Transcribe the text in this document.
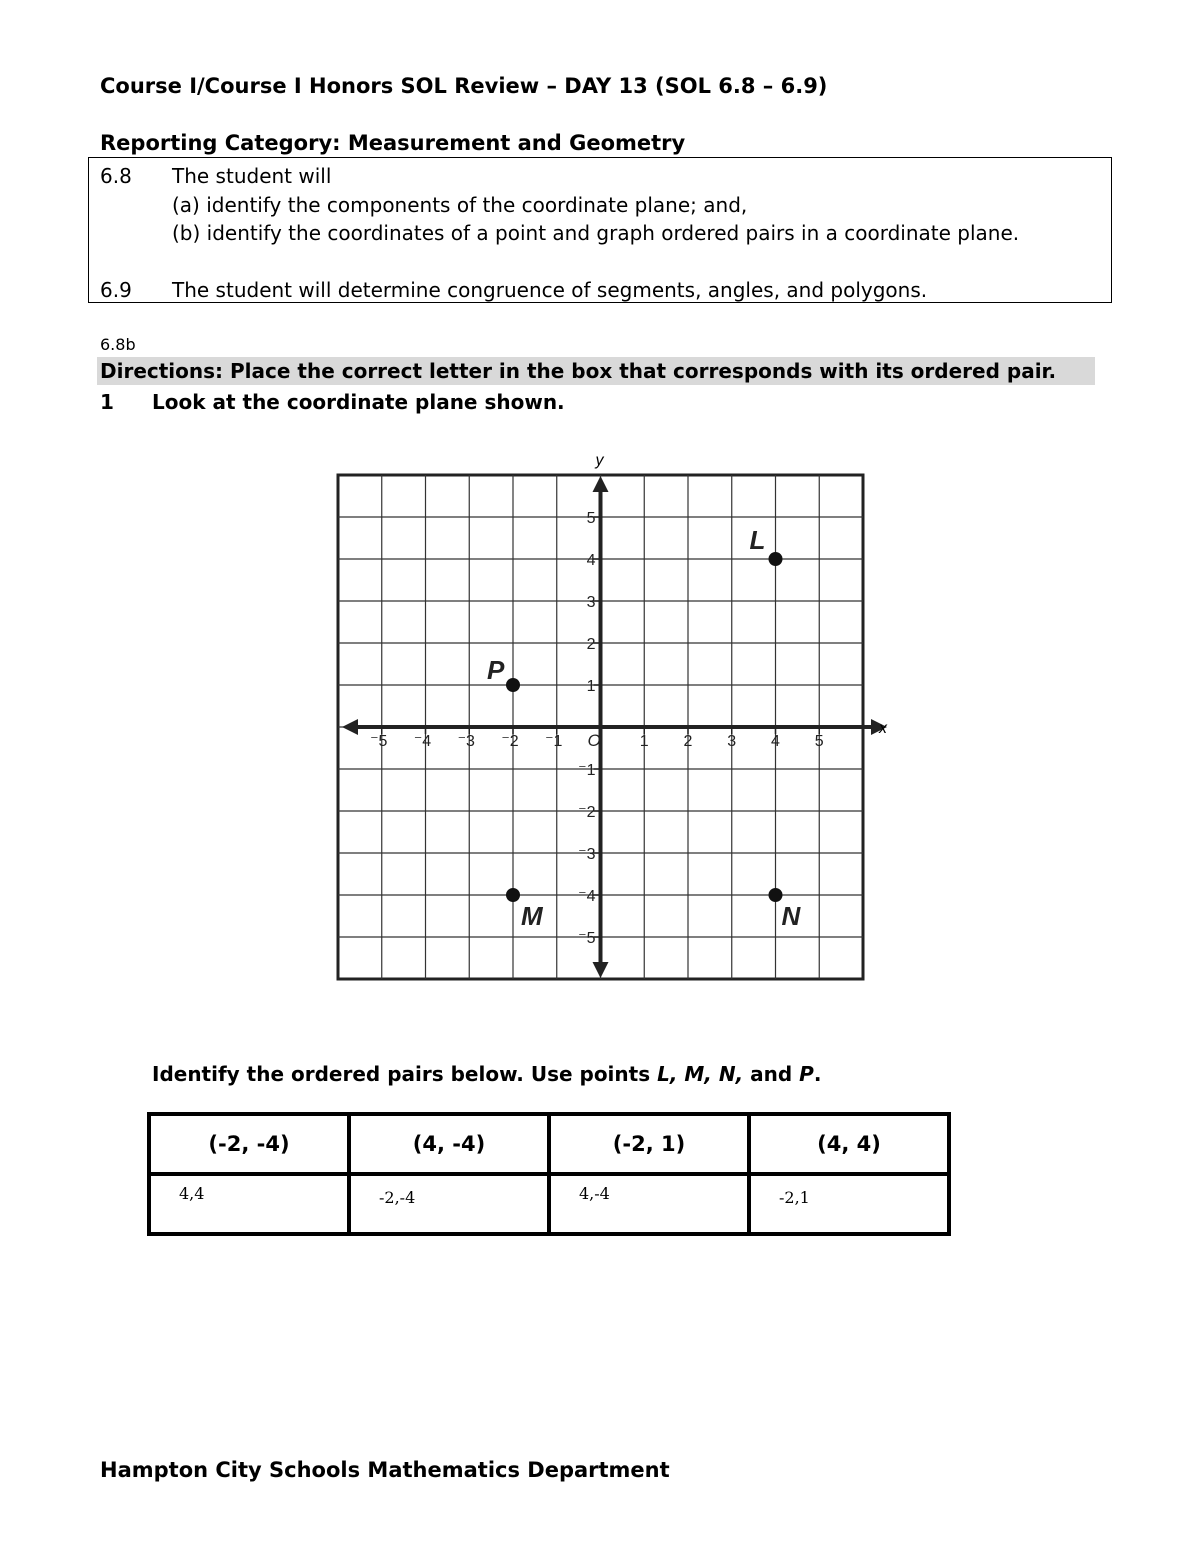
Course I/Course I Honors SOL Review – DAY 13 (SOL 6.8 – 6.9)
Reporting Category: Measurement and Geometry
6.8 The student will
(a) identify the components of the coordinate plane; and,
(b) identify the coordinates of a point and graph ordered pairs in a coordinate plane.
6.9 The student will determine congruence of segments, angles, and polygons.
6.8b
Directions: Place the correct letter in the box that corresponds with its ordered pair.
1 Look at the coordinate plane shown.
x
y
⁻5 ⁻4 ⁻3 ⁻2 ⁻1	1 2 3 4 5
⁻5
⁻4
⁻3
⁻2
⁻1
1
2
3
4
5
O
L
P
M	N
Identify the ordered pairs below. Use points L, M, N, and P.
(-2, -4)	(4, -4)	(-2, 1)	(4, 4)
4,4	-2,-4	4,-4	-2,1
Hampton City Schools Mathematics Department
